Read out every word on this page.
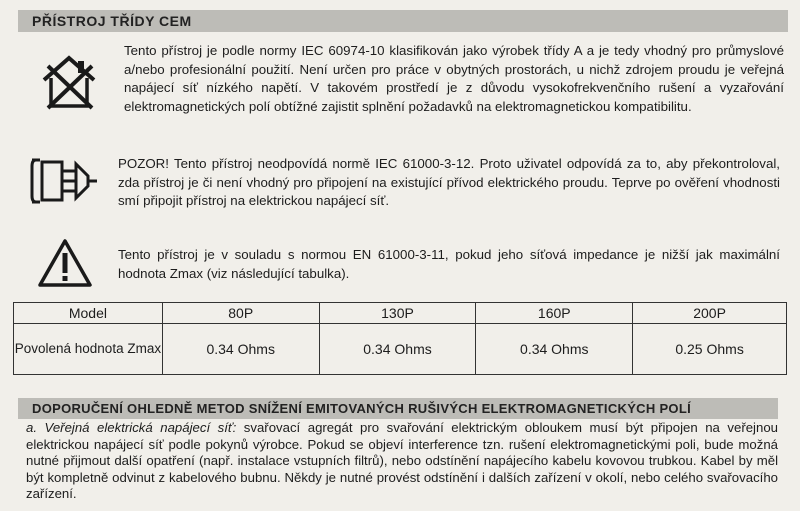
PŘÍSTROJ TŘÍDY CEM
Tento přístroj je podle normy IEC 60974-10 klasifikován jako výrobek třídy A a je tedy vhodný pro průmyslové a/nebo profesionální použití. Není určen pro práce v obytných prostorách, u nichž zdrojem proudu je veřejná napájecí síť nízkého napětí. V takovém prostředí je z důvodu vysokofrekvenčního rušení a vyzařování elektromagnetických polí obtížné zajistit splnění požadavků na elektromagnetickou kompatibilitu.
POZOR! Tento přístroj neodpovídá normě IEC 61000-3-12. Proto uživatel odpovídá za to, aby překontroloval, zda přístroj je či není vhodný pro připojení na existující přívod elektrického proudu. Teprve po ověření vhodnosti smí připojit přístroj na elektrickou napájecí síť.
Tento přístroj je v souladu s normou EN 61000-3-11, pokud jeho síťová impedance je nižší jak maximální hodnota Zmax (viz následující tabulka).
Model	80P	130P	160P	200P
Povolená hodnota Zmax	0.34 Ohms	0.34 Ohms	0.34 Ohms	0.25 Ohms
DOPORUČENÍ OHLEDNĚ METOD SNÍŽENÍ EMITOVANÝCH RUŠIVÝCH ELEKTROMAGNETICKÝCH POLÍ
a. Veřejná elektrická napájecí síť: svařovací agregát pro svařování elektrickým obloukem musí být připojen na veřejnou elektrickou napájecí síť podle pokynů výrobce. Pokud se objeví interference tzn. rušení elektromagnetickými poli, bude možná nutné přijmout další opatření (např. instalace vstupních filtrů), nebo odstínění napájecího kabelu kovovou trubkou. Kabel by měl být kompletně odvinut z kabelového bubnu. Někdy je nutné provést odstínění i dalších zařízení v okolí, nebo celého svařovacího zařízení.
